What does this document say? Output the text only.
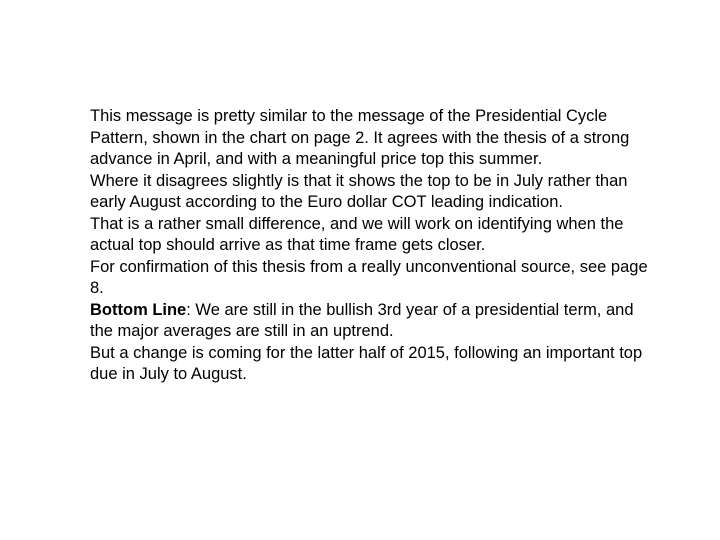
This message is pretty similar to the message of the Presidential Cycle Pattern, shown in the chart on page 2. It agrees with the thesis of a strong advance in April, and with a meaningful price top this summer.

Where it disagrees slightly is that it shows the top to be in July rather than early August according to the Euro dollar COT leading indication.

That is a rather small difference, and we will work on identifying when the actual top should arrive as that time frame gets closer.

For confirmation of this thesis from a really unconventional source, see page 8.

Bottom Line: We are still in the bullish 3rd year of a presidential term, and the major averages are still in an uptrend.

But a change is coming for the latter half of 2015, following an important top due in July to August.
